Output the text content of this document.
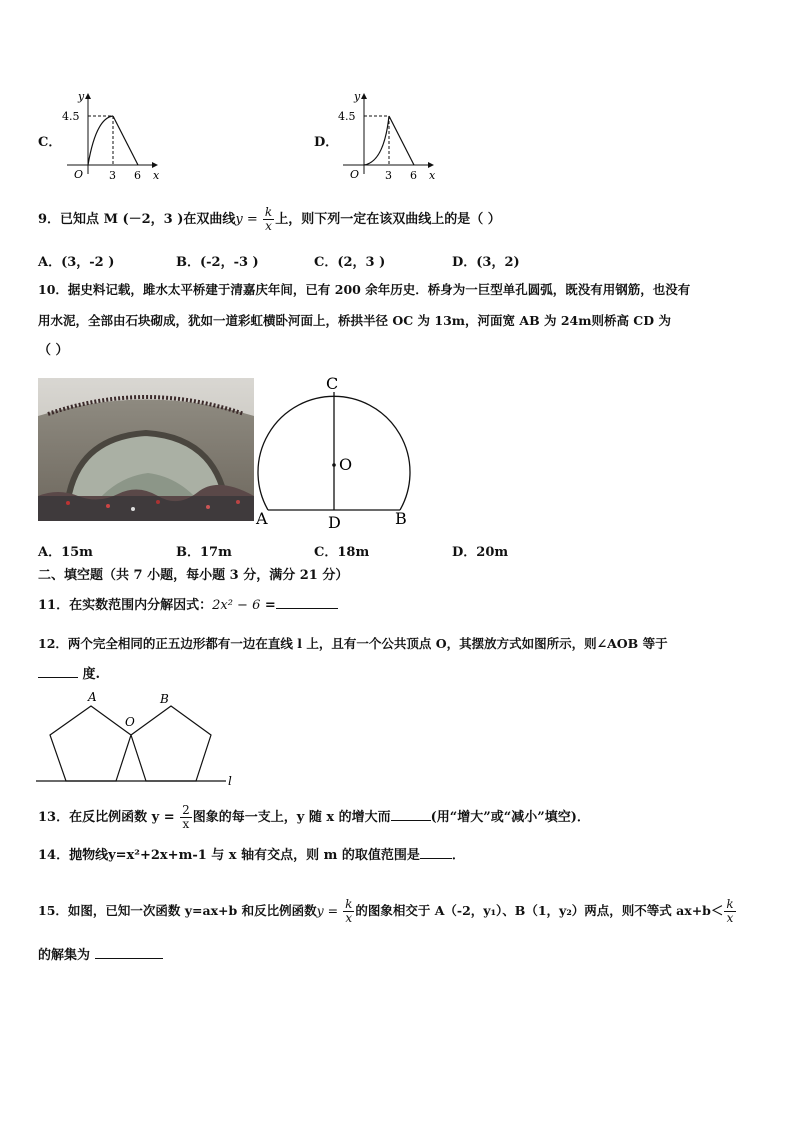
C．
y
4.5
O 3 6 x
D．
y
4.5
O 3 6 x
9．已知点 M (－2，3 )在双曲线$y = \frac{k}{x}$ 上，则下列一定在该双曲线上的是（ ）
A．(3，-2 )	B．(-2，-3 )	C．(2，3 )	D．(3，2)
10．据史料记载，雎水太平桥建于清嘉庆年间，已有 200 余年历史．桥身为一巨型单孔圆弧，既没有用钢筋，也没有
用水泥，全部由石块砌成，犹如一道彩虹横卧河面上，桥拱半径 OC 为 13m，河面宽 AB 为 24m则桥高 CD 为
（ ）
C
O
A	D	B
A．15m	B．17m	C．18m	D．20m
二、填空题（共 7 小题，每小题 3 分，满分 21 分）
11．在实数范围内分解因式：2x² − 6 =
12．两个完全相同的正五边形都有一边在直线 l 上，且有一个公共顶点 O，其摆放方式如图所示，则∠AOB 等于
度.
A
O
B
l
13．在反比例函数 $y = \frac{2}{x}$ 图象的每一支上，y 随 x 的增大而	(用“增大”或“减小”填空)．
14．抛物线y=x²+2x+m-1 与 x 轴有交点，则 m 的取值范围是 ．
15．如图，已知一次函数 y=ax+b 和反比例函数$y = \frac{k}{x}$ 的图象相交于 A（-2，y₁）、B（1，y₂）两点，则不等式 $ax+b< \frac{k}{x}$
的解集为
